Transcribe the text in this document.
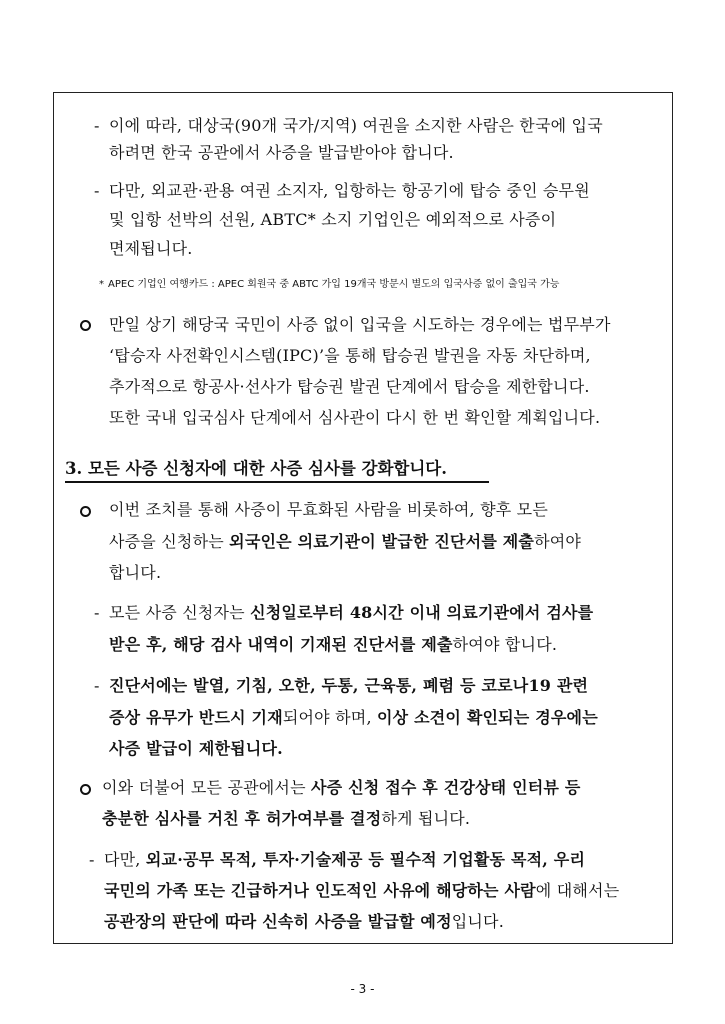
- 이에 따라, 대상국(90개 국가/지역) 여권을 소지한 사람은 한국에 입국
하려면 한국 공관에서 사증을 발급받아야 합니다.
- 다만, 외교관·관용 여권 소지자, 입항하는 항공기에 탑승 중인 승무원
및 입항 선박의 선원, ABTC* 소지 기업인은 예외적으로 사증이
면제됩니다.
* APEC 기업인 여행카드 : APEC 회원국 중 ABTC 가입 19개국 방문시 별도의 입국사증 없이 출입국 가능
만일 상기 해당국 국민이 사증 없이 입국을 시도하는 경우에는 법무부가
‘탑승자 사전확인시스템(IPC)’을 통해 탑승권 발권을 자동 차단하며,
추가적으로 항공사·선사가 탑승권 발권 단계에서 탑승을 제한합니다.
또한 국내 입국심사 단계에서 심사관이 다시 한 번 확인할 계획입니다.
3. 모든 사증 신청자에 대한 사증 심사를 강화합니다.
이번 조치를 통해 사증이 무효화된 사람을 비롯하여, 향후 모든
사증을 신청하는 외국인은 의료기관이 발급한 진단서를 제출하여야
합니다.
- 모든 사증 신청자는 신청일로부터 48시간 이내 의료기관에서 검사를
받은 후, 해당 검사 내역이 기재된 진단서를 제출하여야 합니다.
- 진단서에는 발열, 기침, 오한, 두통, 근육통, 폐렴 등 코로나19 관련
증상 유무가 반드시 기재되어야 하며, 이상 소견이 확인되는 경우에는
사증 발급이 제한됩니다.
이와 더불어 모든 공관에서는 사증 신청 접수 후 건강상태 인터뷰 등
충분한 심사를 거친 후 허가여부를 결정하게 됩니다.
- 다만, 외교·공무 목적, 투자·기술제공 등 필수적 기업활동 목적, 우리
국민의 가족 또는 긴급하거나 인도적인 사유에 해당하는 사람에 대해서는
공관장의 판단에 따라 신속히 사증을 발급할 예정입니다.
- 3 -
